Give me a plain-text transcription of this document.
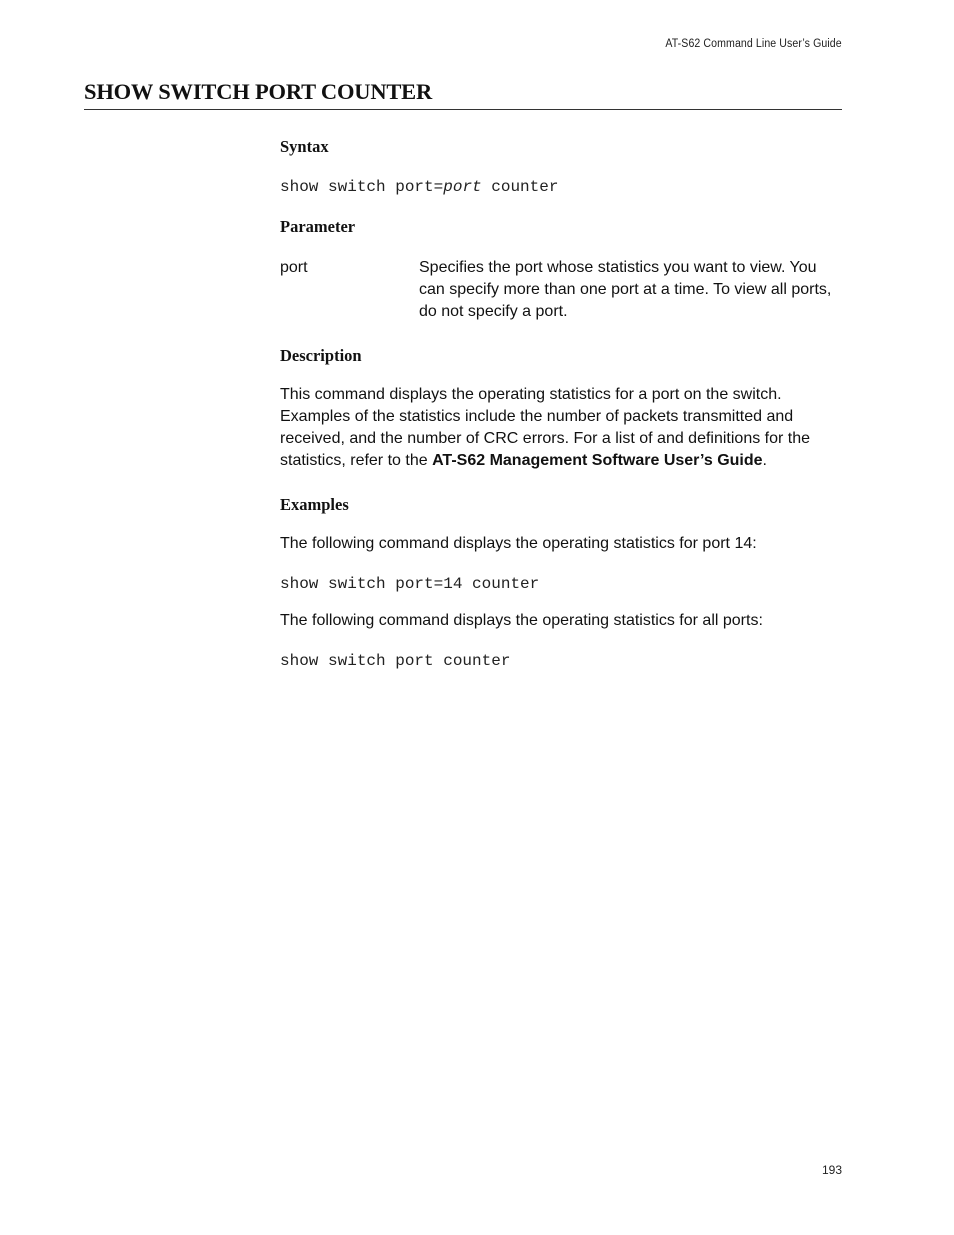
AT-S62 Command Line User’s Guide
SHOW SWITCH PORT COUNTER
Syntax
show switch port=port counter
Parameter
port	Specifies the port whose statistics you want to view. You can specify more than one port at a time. To view all ports, do not specify a port.
Description

This command displays the operating statistics for a port on the switch. Examples of the statistics include the number of packets transmitted and received, and the number of CRC errors. For a list of and definitions for the statistics, refer to the AT-S62 Management Software User’s Guide.

Examples

The following command displays the operating statistics for port 14:

show switch port=14 counter

The following command displays the operating statistics for all ports:

show switch port counter
193
